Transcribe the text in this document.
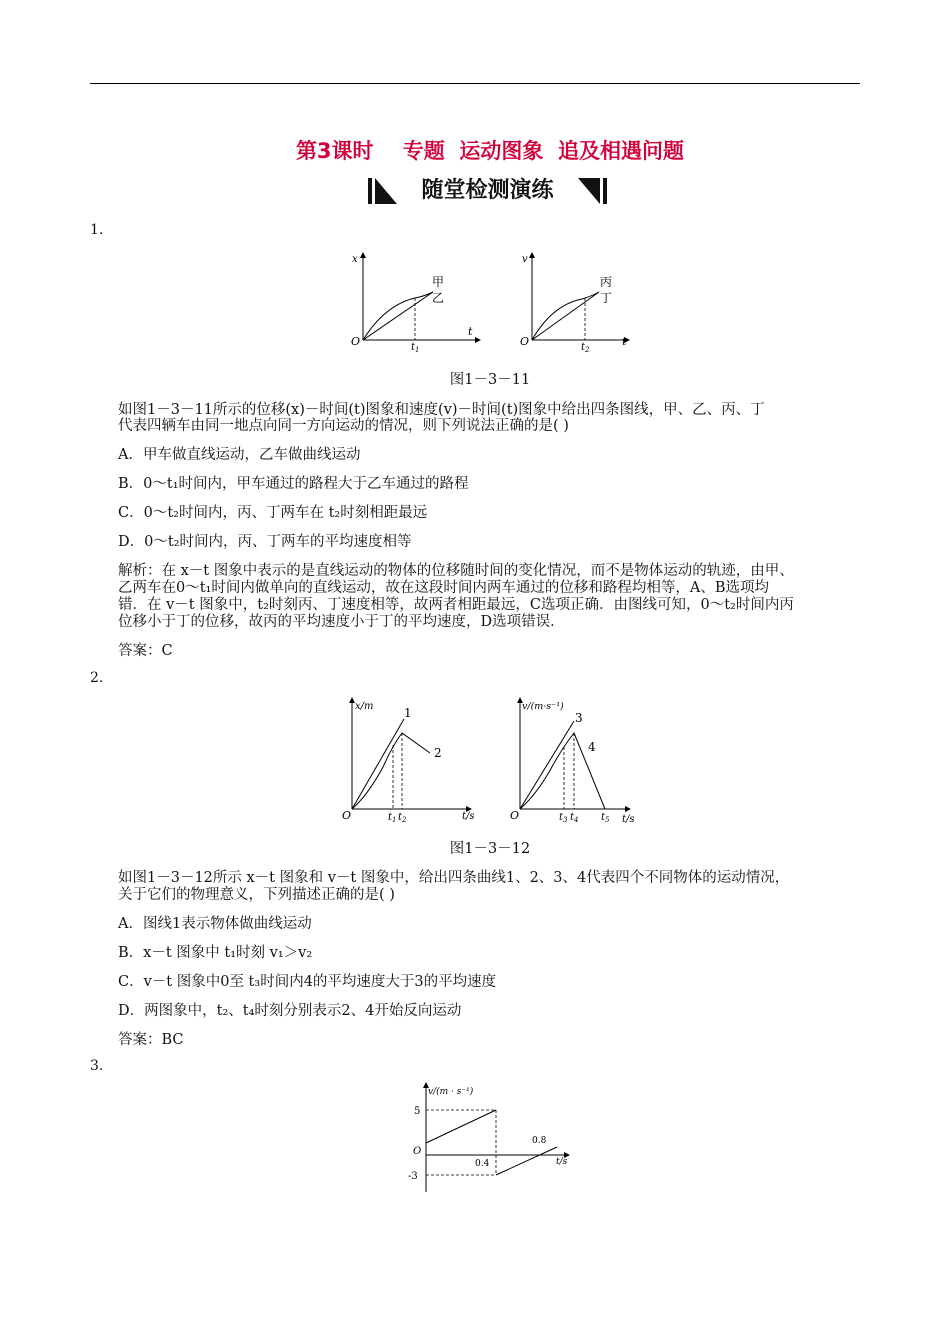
第3课时    专题  运动图象  追及相遇问题
随堂检测演练
1.
x
O
t
甲
乙
$t_1$
v
O	t
丙
丁
$t_2$
图1－3－11
如图1－3－11所示的位移(x)－时间(t)图象和速度(v)－时间(t)图象中给出四条图线，甲、乙、丙、丁
代表四辆车由同一地点向同一方向运动的情况，则下列说法正确的是( )
A．甲车做直线运动，乙车做曲线运动
B．0～t₁时间内，甲车通过的路程大于乙车通过的路程
C．0～t₂时间内，丙、丁两车在 t₂时刻相距最远
D．0～t₂时间内，丙、丁两车的平均速度相等
解析：在 x－t 图象中表示的是直线运动的物体的位移随时间的变化情况，而不是物体运动的轨迹，由甲、
乙两车在0～t₁时间内做单向的直线运动，故在这段时间内两车通过的位移和路程均相等，A、B选项均
错．在 v－t 图象中，t₂时刻丙、丁速度相等，故两者相距最远，C选项正确．由图线可知，0～t₂时间内丙
位移小于丁的位移，故丙的平均速度小于丁的平均速度，D选项错误．
答案：C
2.
x/m
O	t/s
1
2
$t_1$ $t_2$
v/(m·s⁻¹)
O	t/s
3
4
$t_3$ $t_4$ $t_5$
图1－3－12
如图1－3－12所示 x－t 图象和 v－t 图象中，给出四条曲线1、2、3、4代表四个不同物体的运动情况，
关于它们的物理意义，下列描述正确的是( )
A．图线1表示物体做曲线运动
B．x－t 图象中 t₁时刻 v₁＞v₂
C．v－t 图象中0至 t₃时间内4的平均速度大于3的平均速度
D．两图象中，t₂、t₄时刻分别表示2、4开始反向运动
答案：BC
3.
v/(m · s⁻¹)
5
-3
O
0.4
0.8
t/s
